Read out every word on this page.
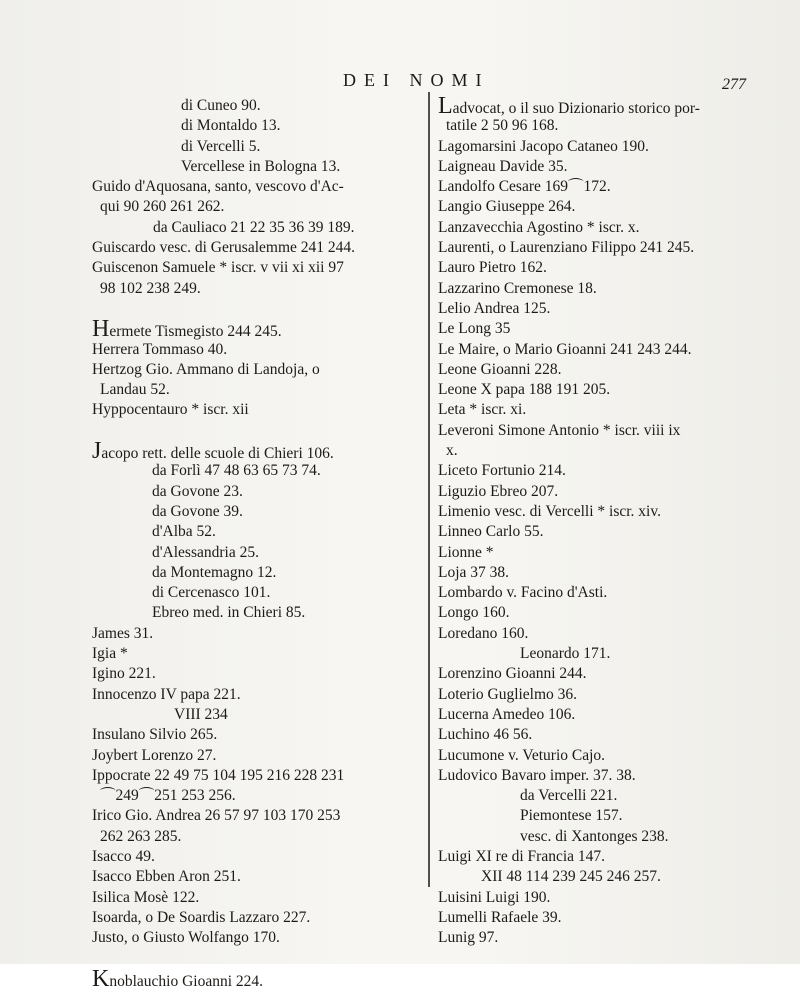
DEI NOMI	277
di Cuneo 90.
di Montaldo 13.
di Vercelli 5.
Vercellese in Bologna 13.
Guido d'Aquosana, santo, vescovo d'Ac-
qui 90 260 261 262.
da Cauliaco 21 22 35 36 39 189.
Guiscardo vesc. di Gerusalemme 241 244.
Guiscenon Samuele * iscr. v vii xi xii 97
98 102 238 249.
Hermete Tismegisto 244 245.
Herrera Tommaso 40.
Hertzog Gio. Ammano di Landoja, o
Landau 52.
Hyppocentauro * iscr. xii
Jacopo rett. delle scuole di Chieri 106.
da Forlì 47 48 63 65 73 74.
da Govone 23.
da Govone 39.
d'Alba 52.
d'Alessandria 25.
da Montemagno 12.
di Cercenasco 101.
Ebreo med. in Chieri 85.
James 31.
Igia *
Igino 221.
Innocenzo IV papa 221.
VIII 234
Insulano Silvio 265.
Joybert Lorenzo 27.
Ippocrate 22 49 75 104 195 216 228 231
⌒249⌒251 253 256.
Irico Gio. Andrea 26 57 97 103 170 253
262 263 285.
Isacco 49.
Isacco Ebben Aron 251.
Isilica Mosè 122.
Isoarda, o De Soardis Lazzaro 227.
Justo, o Giusto Wolfango 170.
Knoblauchio Gioanni 224.
Ladvocat, o il suo Dizionario storico por-
tatile 2 50 96 168.
Lagomarsini Jacopo Cataneo 190.
Laigneau Davide 35.
Landolfo Cesare 169⌒172.
Langio Giuseppe 264.
Lanzavecchia Agostino * iscr. x.
Laurenti, o Laurenziano Filippo 241 245.
Lauro Pietro 162.
Lazzarino Cremonese 18.
Lelio Andrea 125.
Le Long 35
Le Maire, o Mario Gioanni 241 243 244.
Leone Gioanni 228.
Leone X papa 188 191 205.
Leta * iscr. xi.
Leveroni Simone Antonio * iscr. viii ix
x.
Liceto Fortunio 214.
Liguzio Ebreo 207.
Limenio vesc. di Vercelli * iscr. xiv.
Linneo Carlo 55.
Lionne *
Loja 37 38.
Lombardo v. Facino d'Asti.
Longo 160.
Loredano 160.
Leonardo 171.
Lorenzino Gioanni 244.
Loterio Guglielmo 36.
Lucerna Amedeo 106.
Luchino 46 56.
Lucumone v. Veturio Cajo.
Ludovico Bavaro imper. 37. 38.
da Vercelli 221.
Piemontese 157.
vesc. di Xantonges 238.
Luigi XI re di Francia 147.
XII 48 114 239 245 246 257.
Luisini Luigi 190.
Lumelli Rafaele 39.
Lunig 97.
